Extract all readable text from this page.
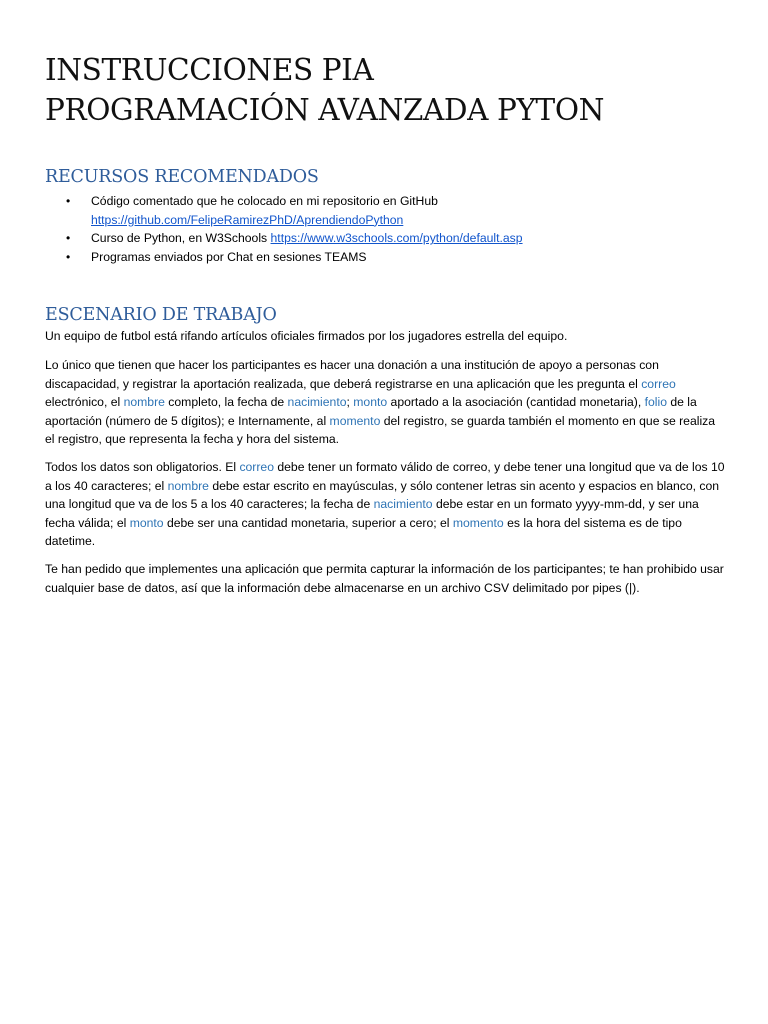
INSTRUCCIONES PIA
PROGRAMACIÓN AVANZADA PYTON
RECURSOS RECOMENDADOS
• Código comentado que he colocado en mi repositorio en GitHub
https://github.com/FelipeRamirezPhD/AprendiendoPython
• Curso de Python, en W3Schools https://www.w3schools.com/python/default.asp
• Programas enviados por Chat en sesiones TEAMS
ESCENARIO DE TRABAJO

Un equipo de futbol está rifando artículos oficiales firmados por los jugadores estrella del equipo.

Lo único que tienen que hacer los participantes es hacer una donación a una institución de apoyo a personas con discapacidad, y registrar la aportación realizada, que deberá registrarse en una aplicación que les pregunta el correo electrónico, el nombre completo, la fecha de nacimiento; monto aportado a la asociación (cantidad monetaria), folio de la aportación (número de 5 dígitos); e Internamente, al momento del registro, se guarda también el momento en que se realiza el registro, que representa la fecha y hora del sistema.

Todos los datos son obligatorios. El correo debe tener un formato válido de correo, y debe tener una longitud que va de los 10 a los 40 caracteres; el nombre debe estar escrito en mayúsculas, y sólo contener letras sin acento y espacios en blanco, con una longitud que va de los 5 a los 40 caracteres; la fecha de nacimiento debe estar en un formato yyyy-mm-dd, y ser una fecha válida; el monto debe ser una cantidad monetaria, superior a cero; el momento es la hora del sistema es de tipo datetime.

Te han pedido que implementes una aplicación que permita capturar la información de los participantes; te han prohibido usar cualquier base de datos, así que la información debe almacenarse en un archivo CSV delimitado por pipes (|).
